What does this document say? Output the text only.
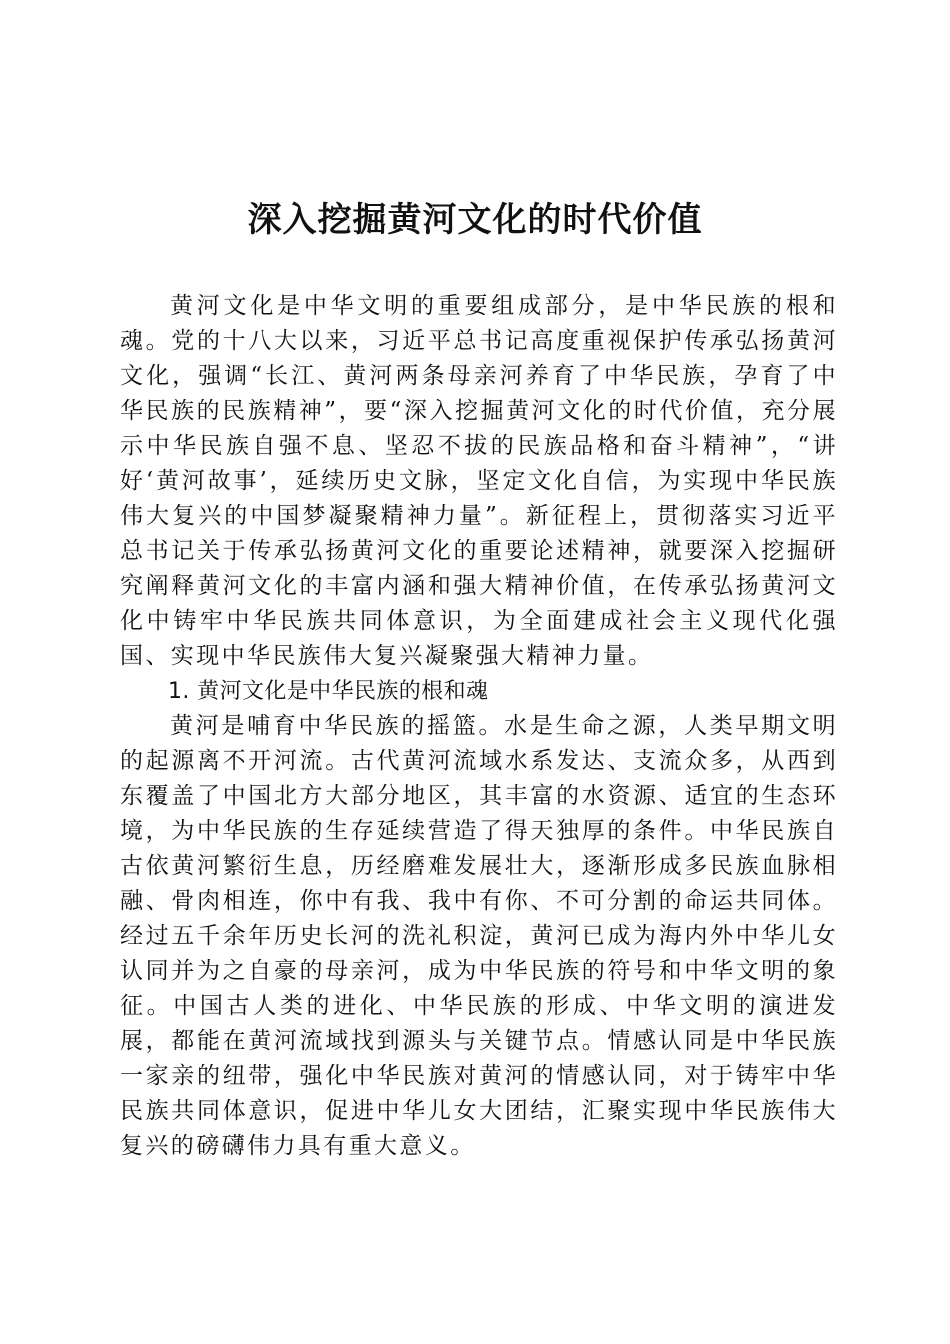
深入挖掘黄河文化的时代价值

黄河文化是中华文明的重要组成部分，是中华民族的根和魂。党的十八大以来，习近平总书记高度重视保护传承弘扬黄河文化，强调“长江、黄河两条母亲河养育了中华民族，孕育了中华民族的民族精神”，要“深入挖掘黄河文化的时代价值，充分展示中华民族自强不息、坚忍不拔的民族品格和奋斗精神”，“讲好‘黄河故事’，延续历史文脉，坚定文化自信，为实现中华民族伟大复兴的中国梦凝聚精神力量”。新征程上，贯彻落实习近平总书记关于传承弘扬黄河文化的重要论述精神，就要深入挖掘研究阐释黄河文化的丰富内涵和强大精神价值，在传承弘扬黄河文化中铸牢中华民族共同体意识，为全面建成社会主义现代化强国、实现中华民族伟大复兴凝聚强大精神力量。

1. 黄河文化是中华民族的根和魂

黄河是哺育中华民族的摇篮。水是生命之源，人类早期文明的起源离不开河流。古代黄河流域水系发达、支流众多，从西到东覆盖了中国北方大部分地区，其丰富的水资源、适宜的生态环境，为中华民族的生存延续营造了得天独厚的条件。中华民族自古依黄河繁衍生息，历经磨难发展壮大，逐渐形成多民族血脉相融、骨肉相连，你中有我、我中有你、不可分割的命运共同体。经过五千余年历史长河的洗礼积淀，黄河已成为海内外中华儿女认同并为之自豪的母亲河，成为中华民族的符号和中华文明的象征。中国古人类的进化、中华民族的形成、中华文明的演进发展，都能在黄河流域找到源头与关键节点。情感认同是中华民族一家亲的纽带，强化中华民族对黄河的情感认同，对于铸牢中华民族共同体意识，促进中华儿女大团结，汇聚实现中华民族伟大复兴的磅礴伟力具有重大意义。
